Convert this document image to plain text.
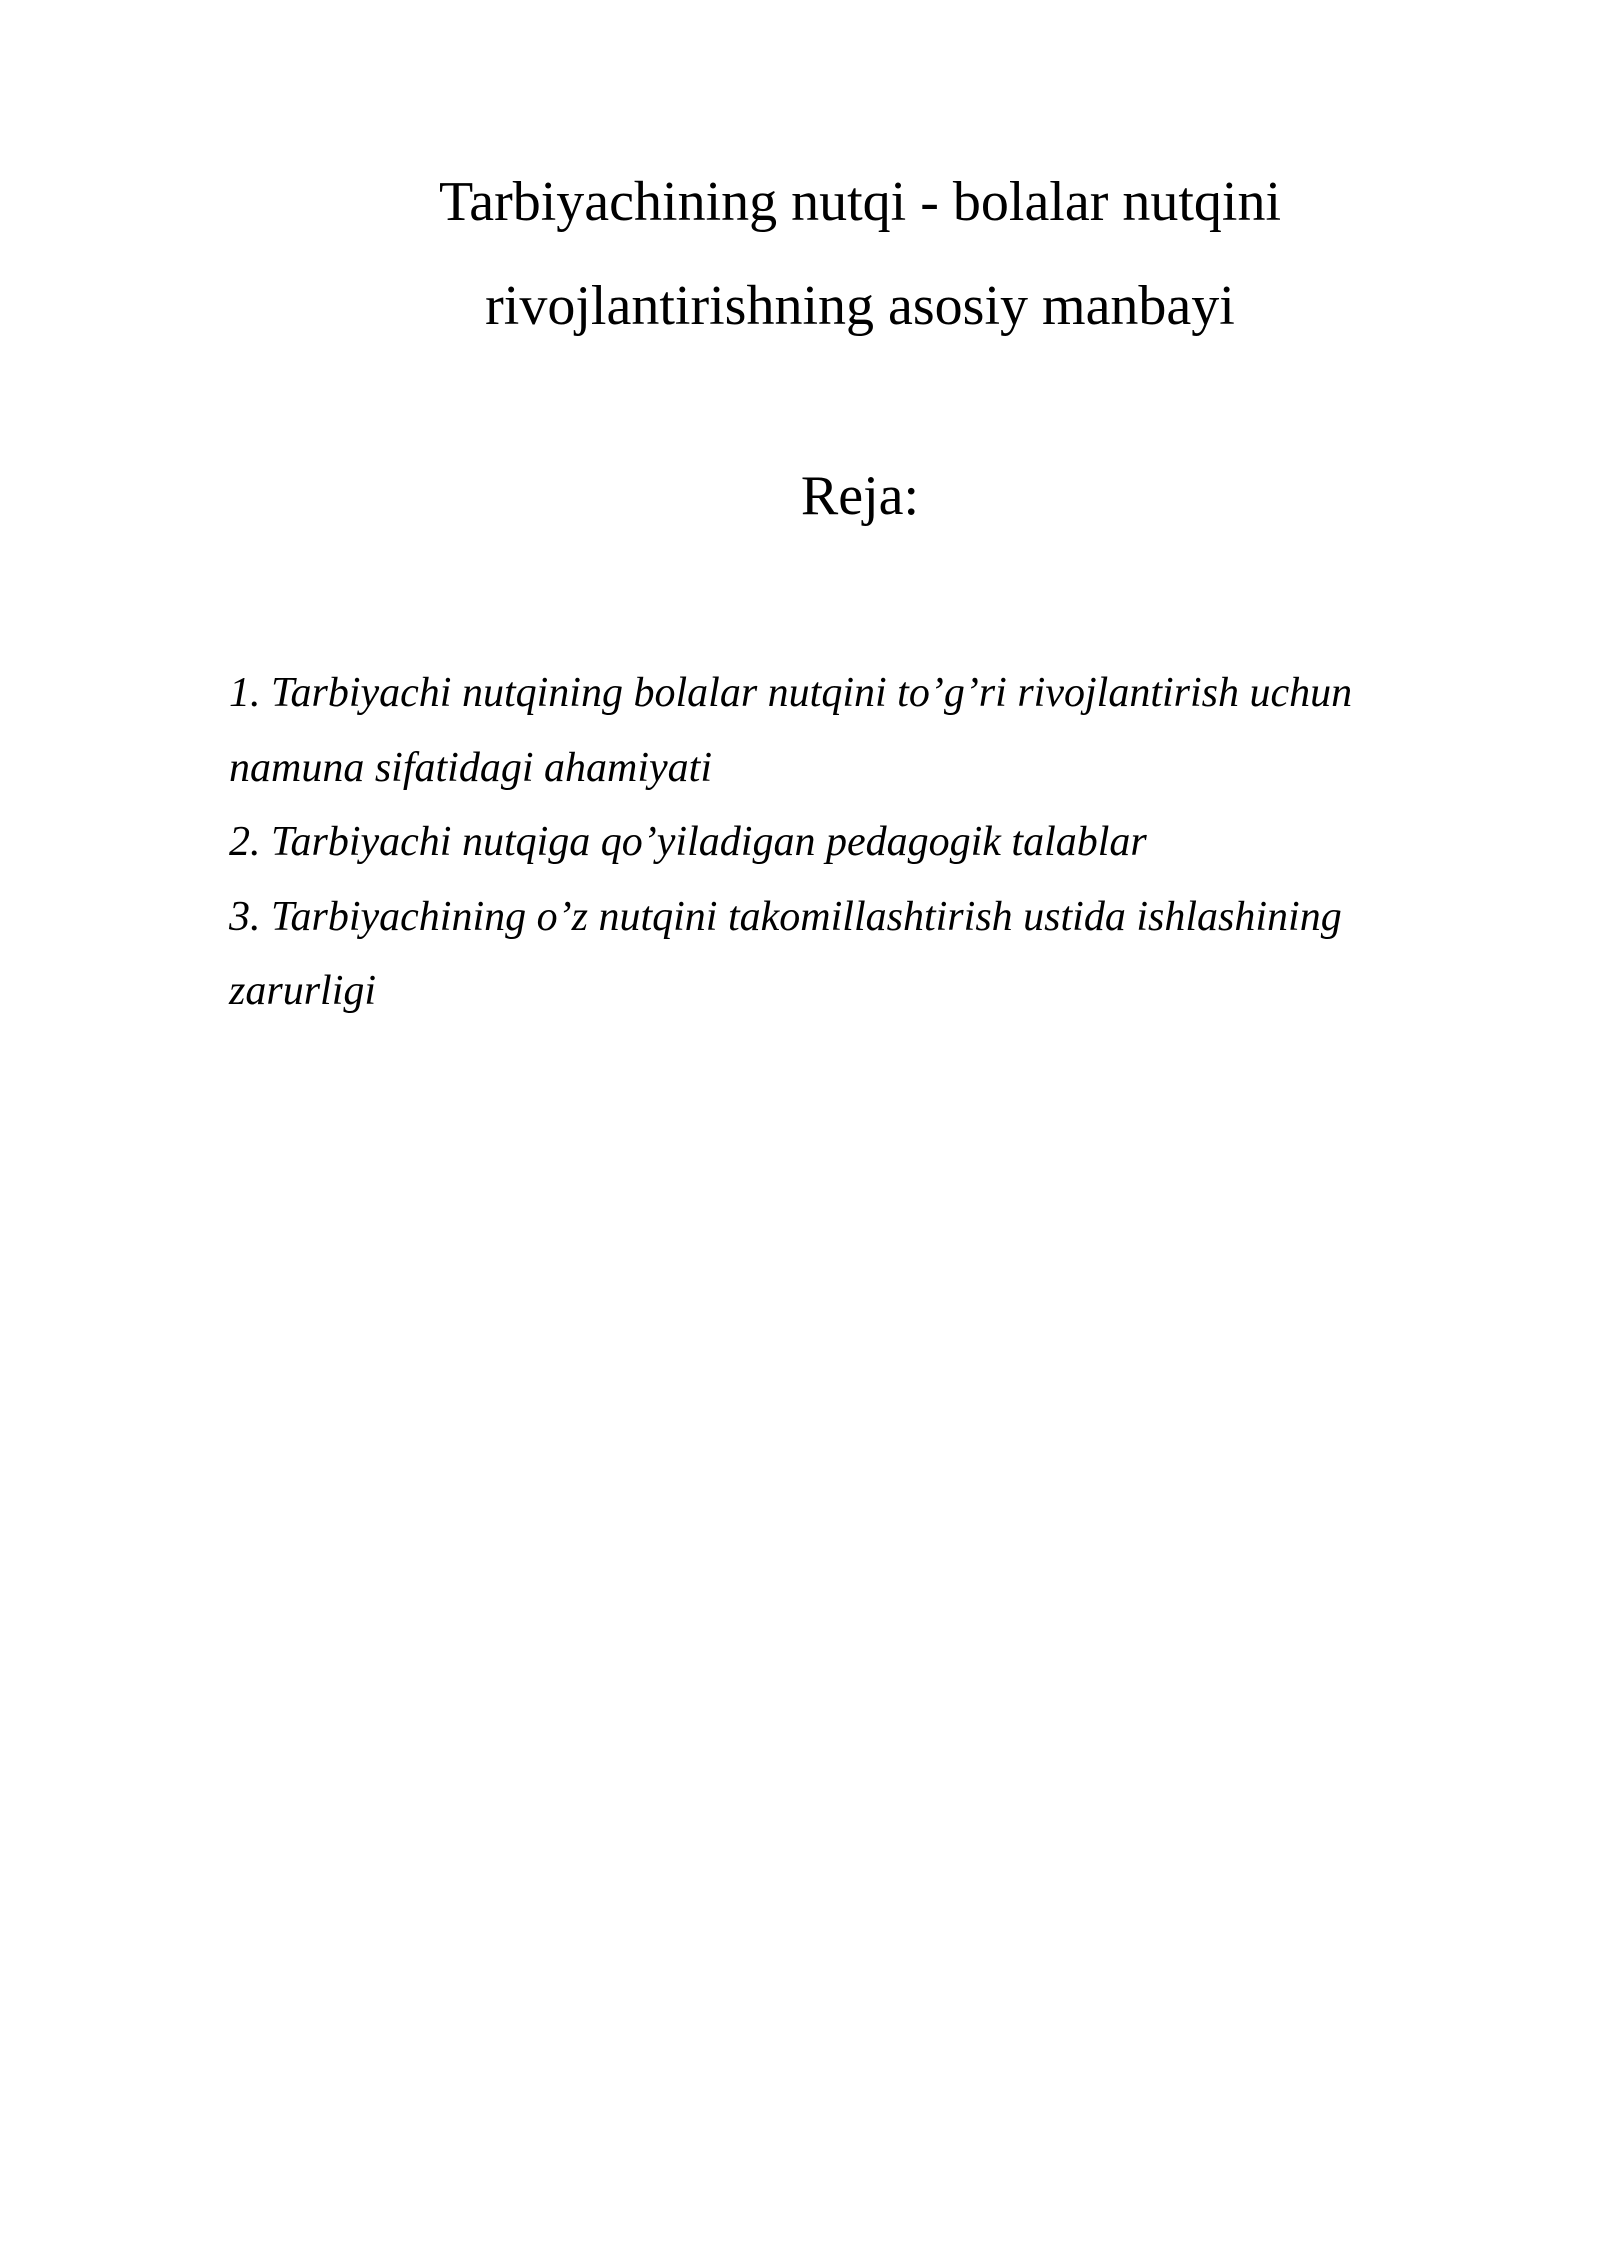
Tarbiyachining nutqi - bolalar nutqini
rivojlantirishning asosiy manbayi
Reja:
1. Tarbiyachi nutqining bolalar nutqini to’g’ri rivojlantirish uchun namuna sifatidagi ahamiyati
2. Tarbiyachi nutqiga qo’yiladigan pedagogik talablar
3. Tarbiyachining o’z nutqini takomillashtirish ustida ishlashining zarurligi
